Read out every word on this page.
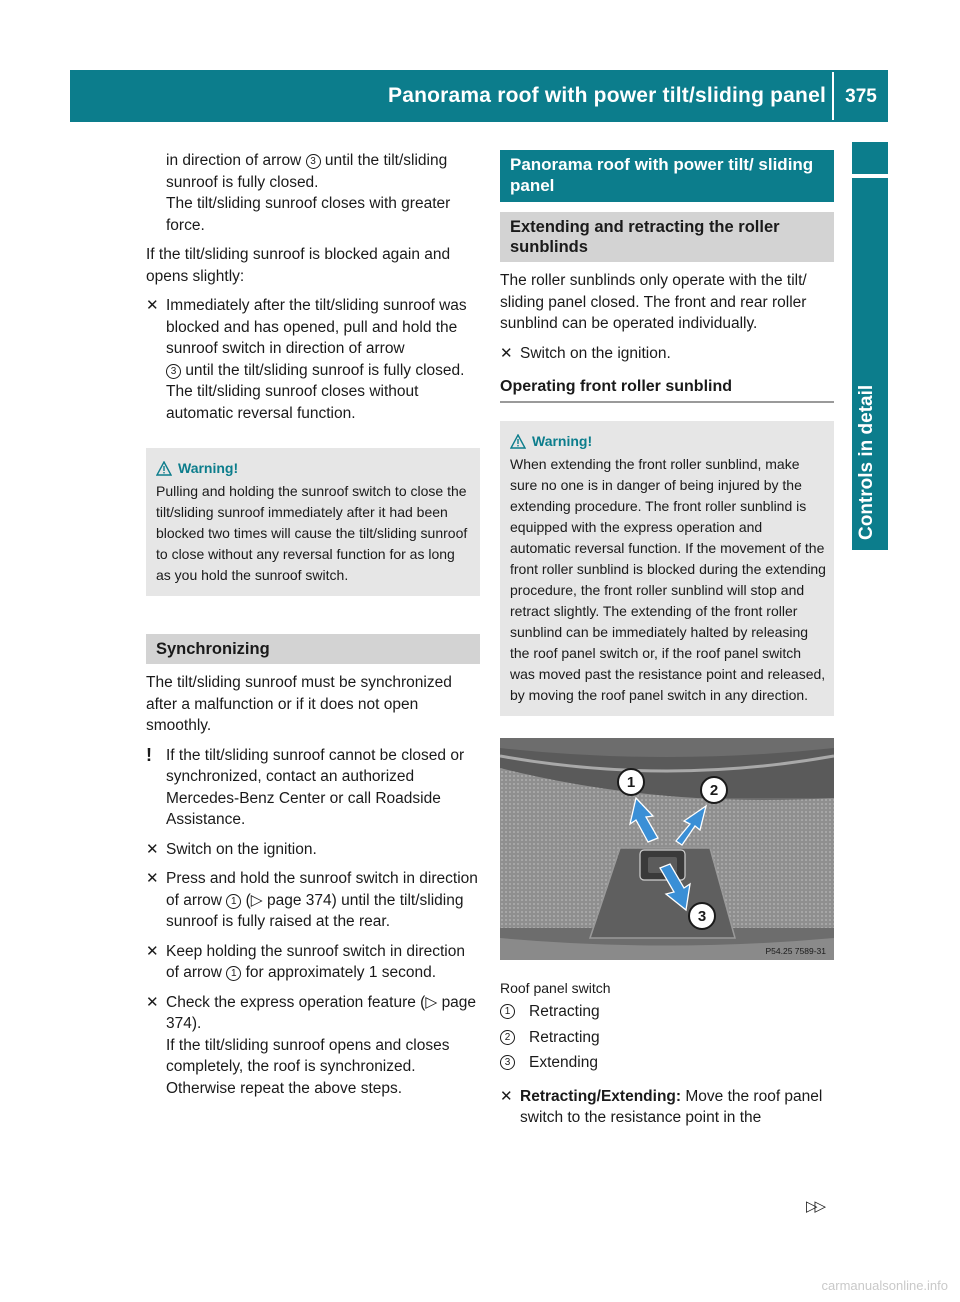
Panorama roof with power tilt/sliding panel	375
Controls in detail

in direction of arrow 3 until the tilt/sliding sunroof is fully closed.
The tilt/sliding sunroof closes with greater force.

If the tilt/sliding sunroof is blocked again and opens slightly:

✕ Immediately after the tilt/sliding sunroof was blocked and has opened, pull and hold the sunroof switch in direction of arrow
3 until the tilt/sliding sunroof is fully closed.
The tilt/sliding sunroof closes without automatic reversal function.
Warning!

Pulling and holding the sunroof switch to close the tilt/sliding sunroof immediately after it had been blocked two times will cause the tilt/sliding sunroof to close without any reversal function for as long as you hold the sunroof switch.

Synchronizing

The tilt/sliding sunroof must be synchronized after a malfunction or if it does not open smoothly.

! If the tilt/sliding sunroof cannot be closed or synchronized, contact an authorized Mercedes-Benz Center or call Roadside Assistance.
✕ Switch on the ignition.
✕ Press and hold the sunroof switch in direction of arrow 1 (▷ page 374) until the tilt/sliding sunroof is fully raised at the rear.
✕ Keep holding the sunroof switch in direction of arrow 1 for approximately 1 second.
✕ Check the express operation feature (▷ page 374).
If the tilt/sliding sunroof opens and closes completely, the roof is synchronized. Otherwise repeat the above steps.
Panorama roof with power tilt/ sliding panel
Extending and retracting the roller sunblinds

The roller sunblinds only operate with the tilt/ sliding panel closed. The front and rear roller sunblind can be operated individually.

✕ Switch on the ignition.
Operating front roller sunblind
Warning!

When extending the front roller sunblind, make sure no one is in danger of being injured by the extending procedure. The front roller sunblind is equipped with the express operation and automatic reversal function. If the movement of the front roller sunblind is blocked during the extending procedure, the front roller sunblind will stop and retract slightly. The extending of the front roller sunblind can be immediately halted by releasing the roof panel switch or, if the roof panel switch was moved past the resistance point and released, by moving the roof panel switch in any direction.

1	2
3
P54.25 7589-31

Roof panel switch

1	Retracting
2	Retracting
3	Extending
✕ Retracting/Extending: Move the roof panel switch to the resistance point in the
▷▷
carmanualsonline.info
